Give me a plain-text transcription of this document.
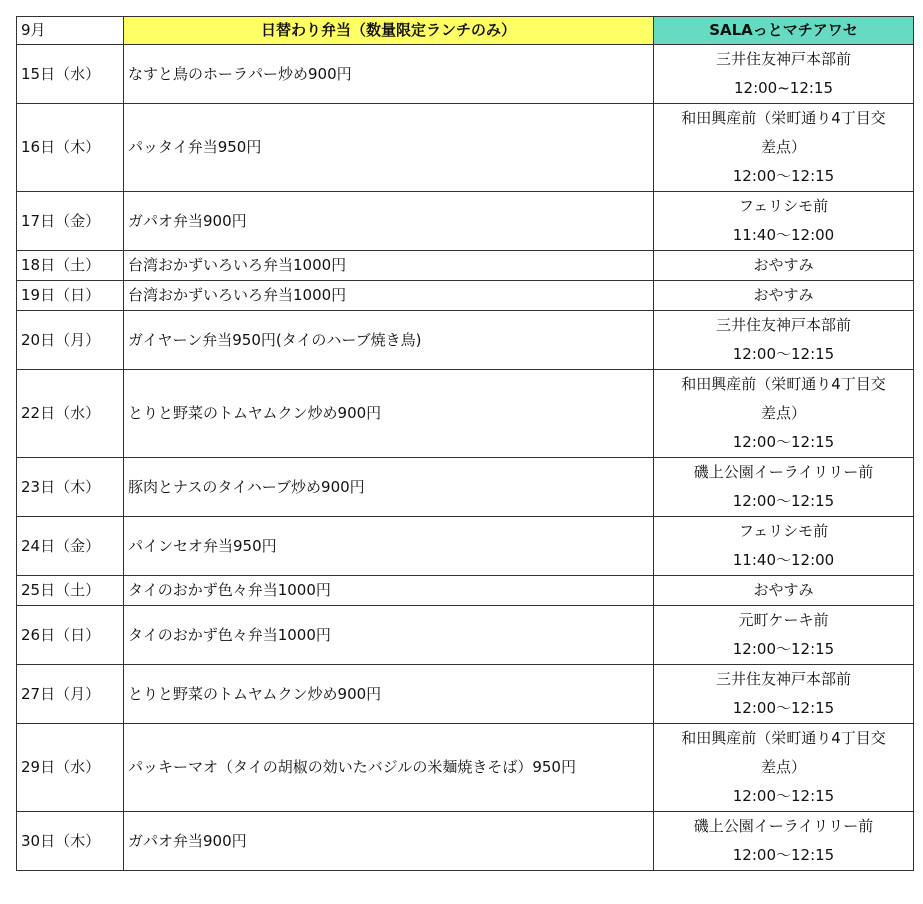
9月	日替わり弁当（数量限定ランチのみ）	SALAっとマチアワセ
15日（水）	なすと鳥のホーラパー炒め900円	三井住友神戸本部前
12:00~12:15

16日（木）	パッタイ弁当950円	和田興産前（栄町通り4丁目交
差点）
12:00～12:15

17日（金）	ガパオ弁当900円	フェリシモ前
11:40～12:00

18日（土）	台湾おかずいろいろ弁当1000円	おやすみ

19日（日）	台湾おかずいろいろ弁当1000円	おやすみ

20日（月）	ガイヤーン弁当950円(タイのハーブ焼き鳥)	三井住友神戸本部前
12:00～12:15

22日（水）	とりと野菜のトムヤムクン炒め900円	和田興産前（栄町通り4丁目交
差点）
12:00～12:15

23日（木）	豚肉とナスのタイハーブ炒め900円	磯上公園イーライリリー前
12:00～12:15

24日（金）	パインセオ弁当950円	フェリシモ前
11:40～12:00

25日（土）	タイのおかず色々弁当1000円	おやすみ

26日（日）	タイのおかず色々弁当1000円	元町ケーキ前
12:00～12:15

27日（月）	とりと野菜のトムヤムクン炒め900円	三井住友神戸本部前
12:00～12:15

29日（水）	パッキーマオ（タイの胡椒の効いたバジルの米麺焼きそば）950円	和田興産前（栄町通り4丁目交
差点）
12:00～12:15

30日（木）	ガパオ弁当900円	磯上公園イーライリリー前
12:00～12:15
